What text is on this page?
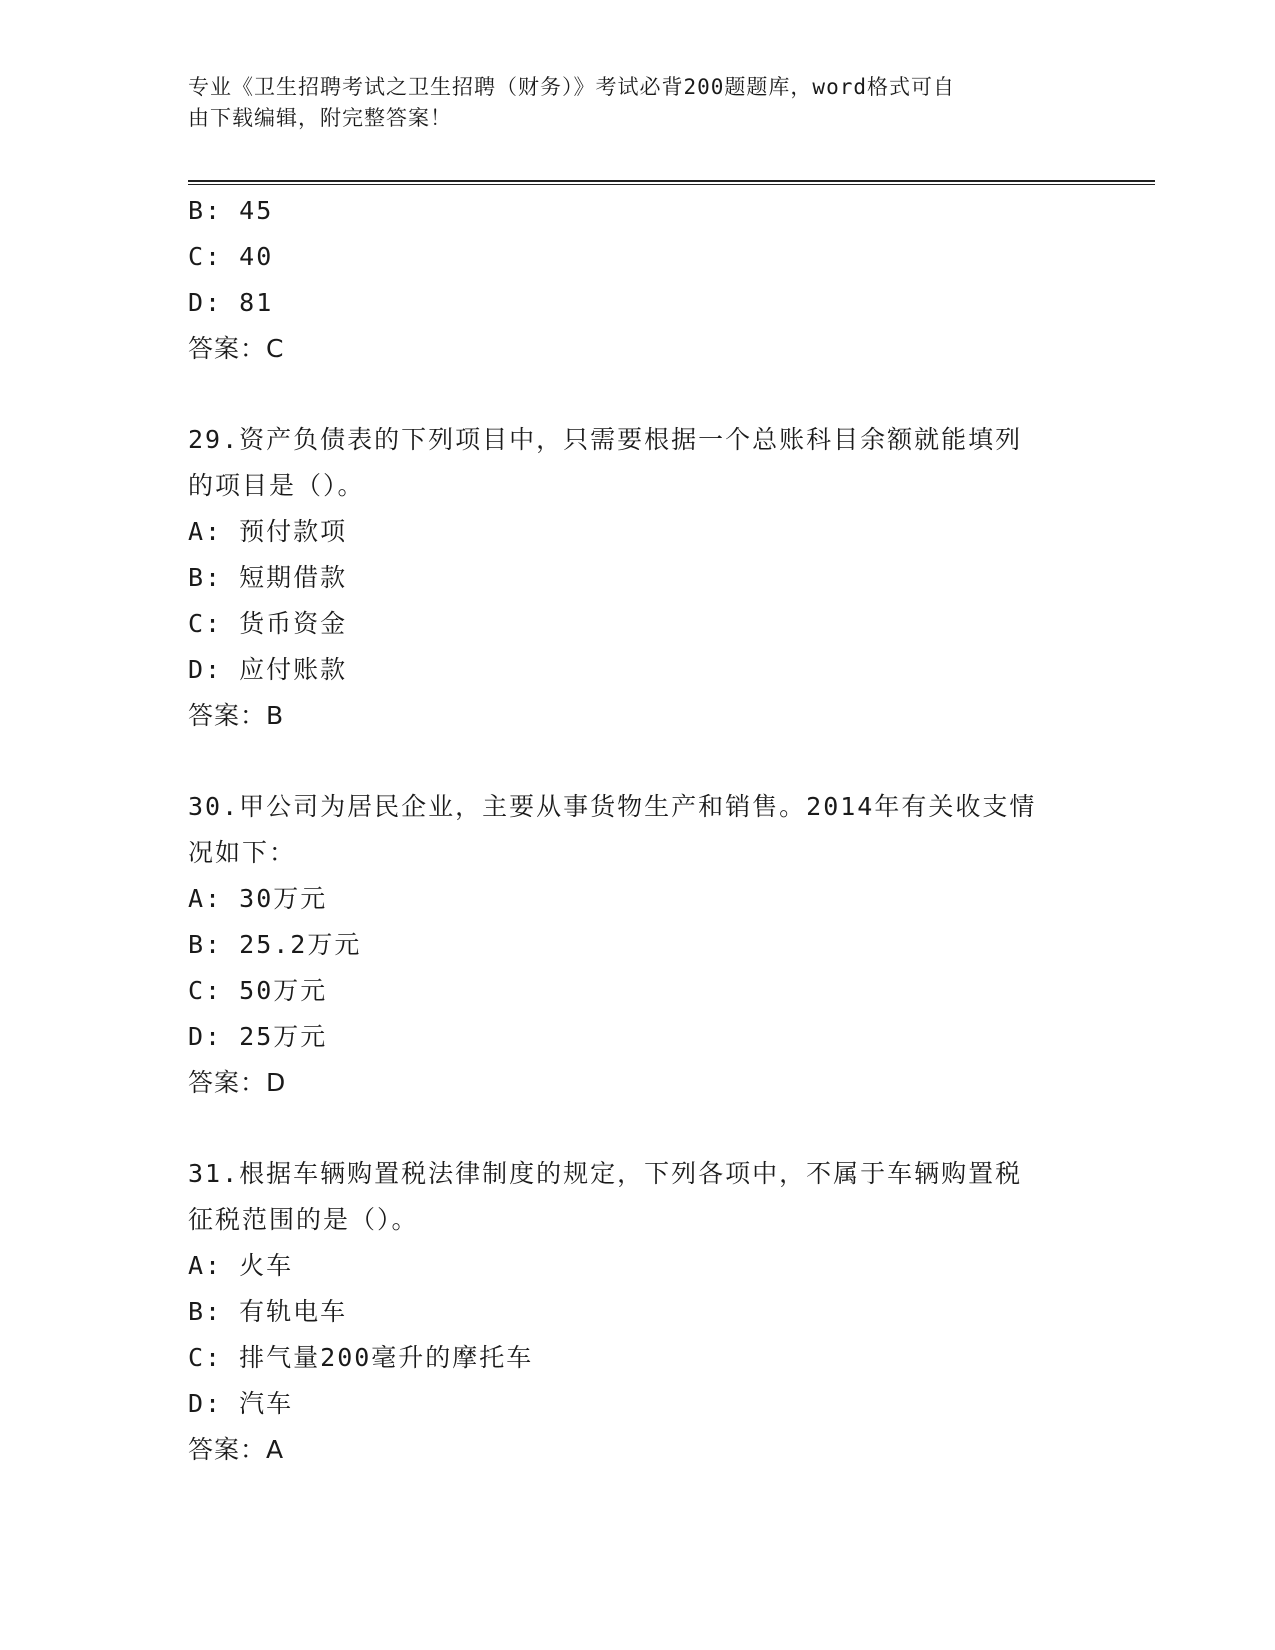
专业《卫生招聘考试之卫生招聘（财务）》考试必背200题题库，word格式可自
由下载编辑，附完整答案！
B: 45
C: 40
D: 81
答案：C
29.资产负债表的下列项目中，只需要根据一个总账科目余额就能填列
的项目是（）。
A: 预付款项
B: 短期借款
C: 货币资金
D: 应付账款
答案：B
30.甲公司为居民企业，主要从事货物生产和销售。2014年有关收支情
况如下：
A: 30万元
B: 25.2万元
C: 50万元
D: 25万元
答案：D
31.根据车辆购置税法律制度的规定，下列各项中，不属于车辆购置税
征税范围的是（）。
A: 火车
B: 有轨电车
C: 排气量200毫升的摩托车
D: 汽车
答案：A
